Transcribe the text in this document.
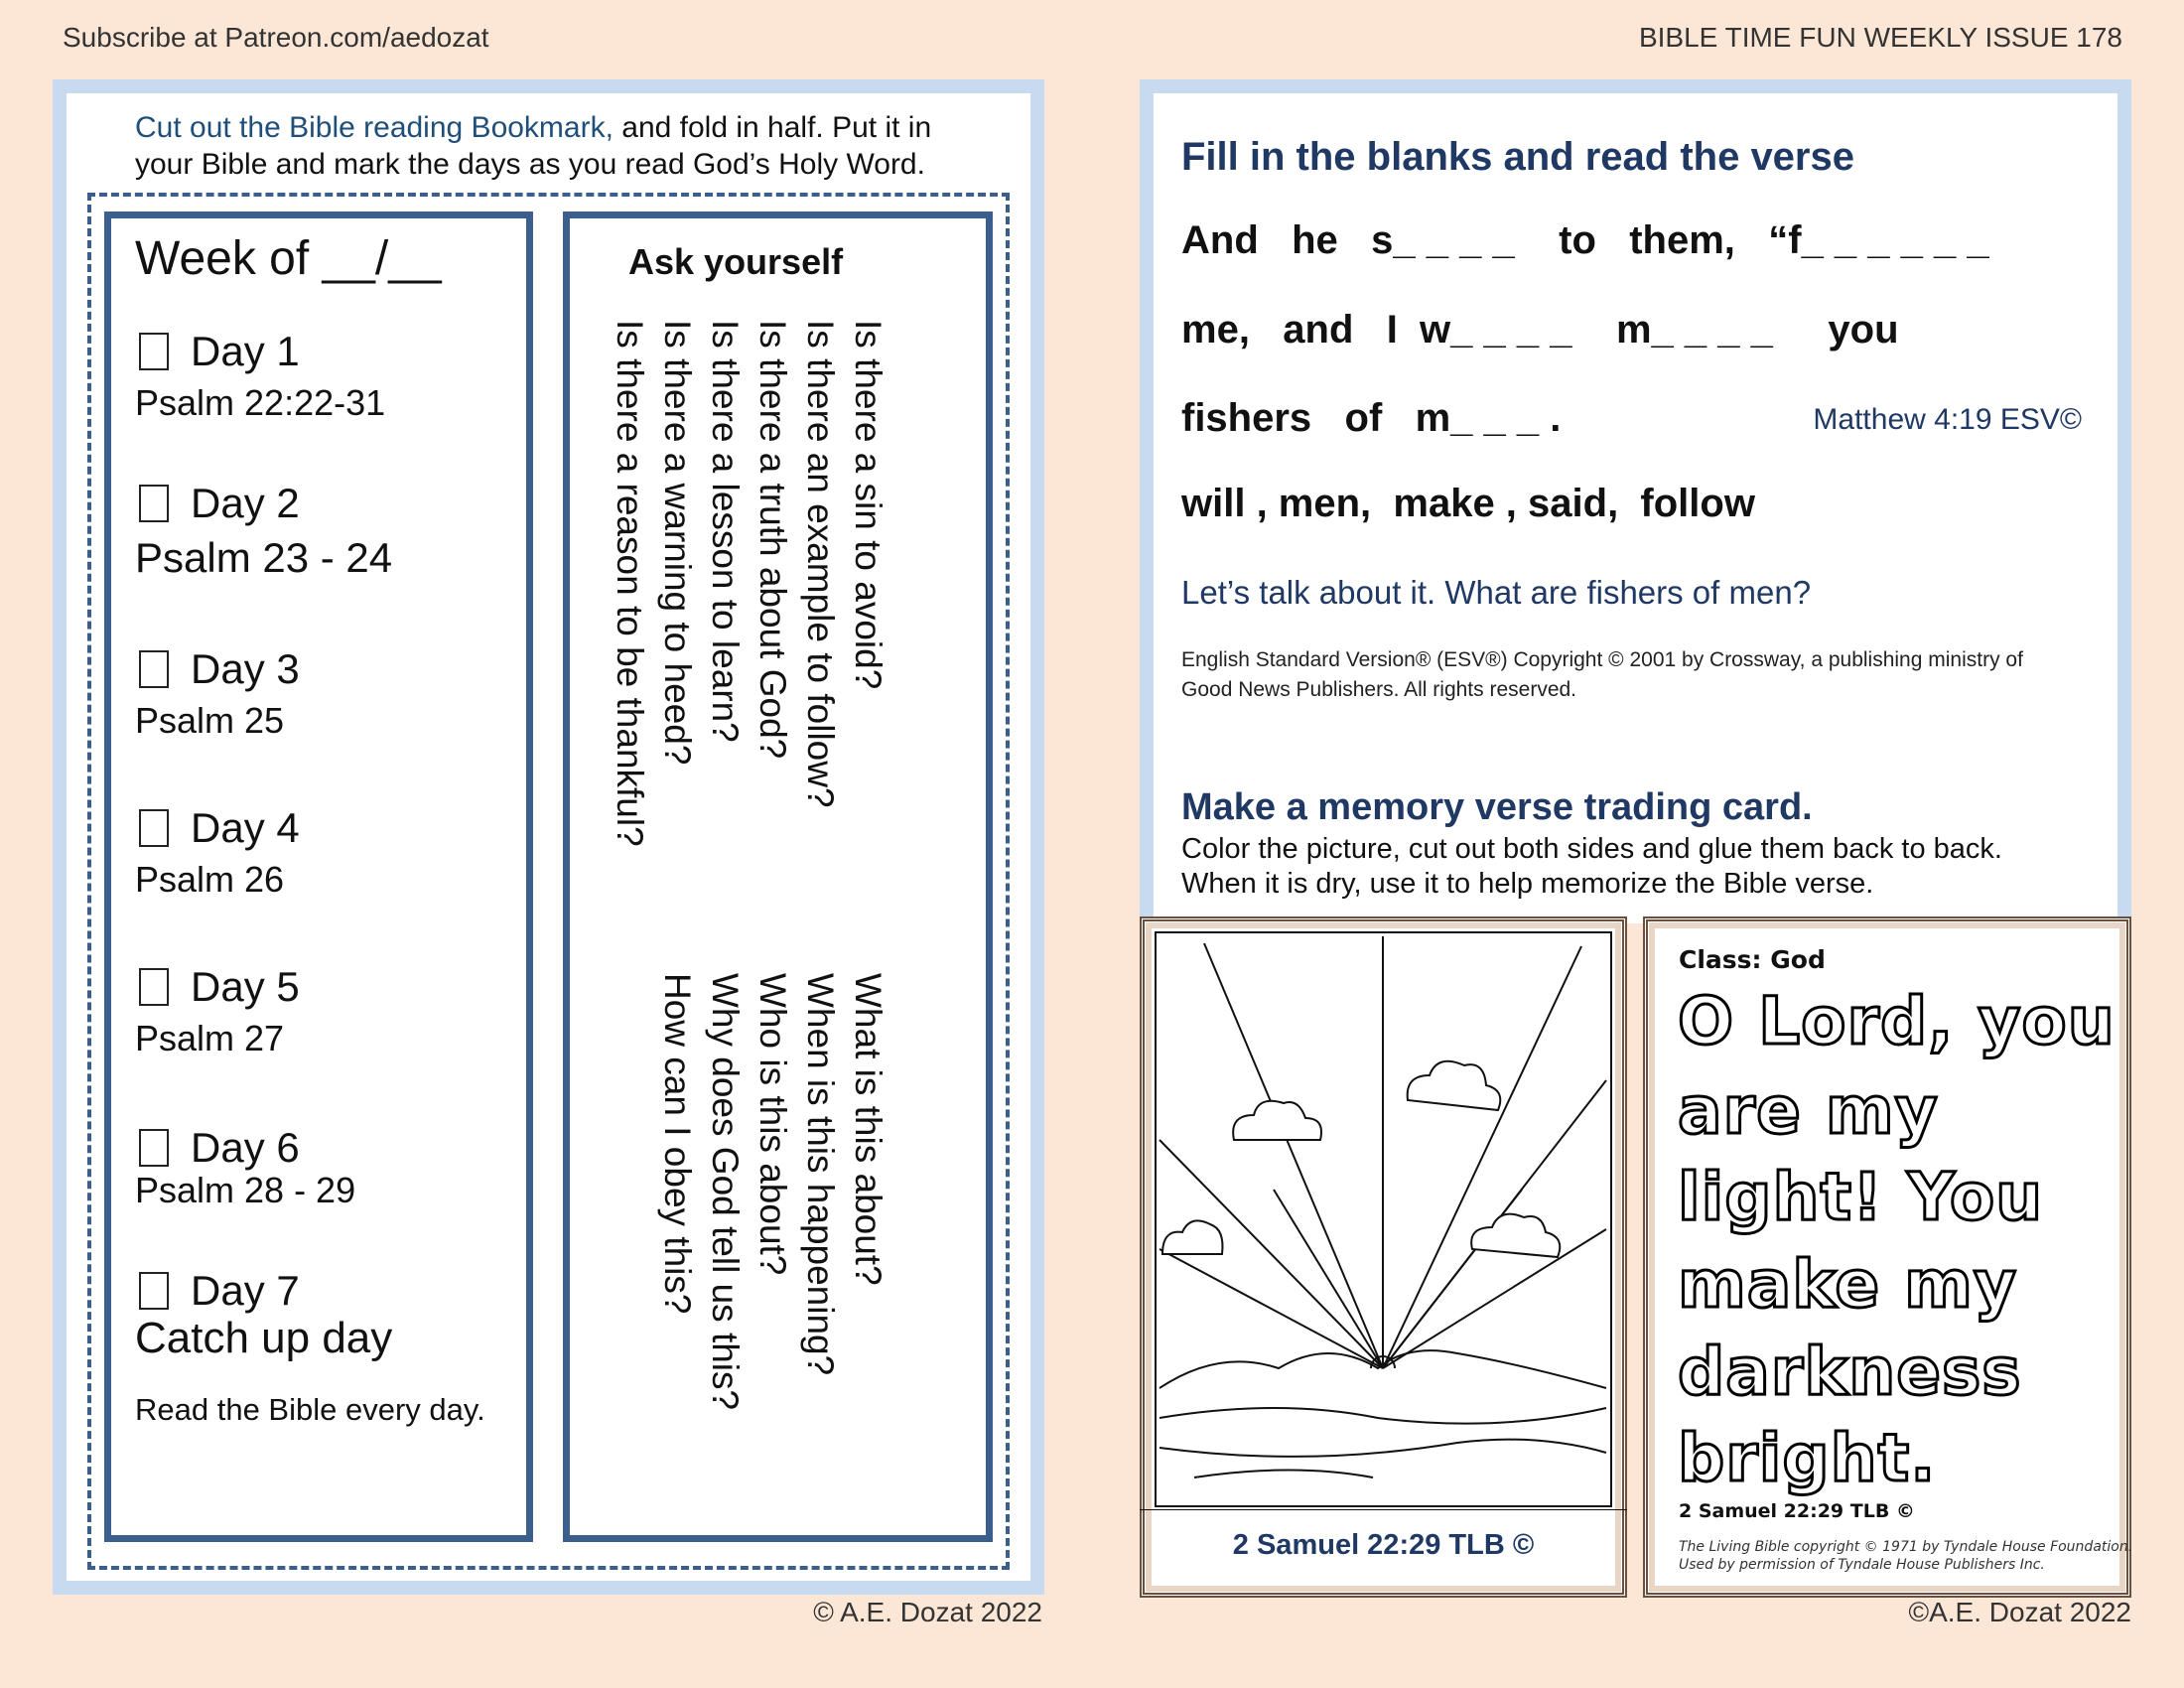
Subscribe at Patreon.com/aedozat	BIBLE TIME FUN WEEKLY ISSUE 178
Cut out the Bible reading Bookmark, and fold in half. Put it in
your Bible and mark the days as you read God’s Holy Word.
Week of __/__
Day 1
Psalm 22:22-31
Day 2
Psalm 23 - 24
Day 3
Psalm 25
Day 4
Psalm 26
Day 5
Psalm 27
Day 6
Psalm 28 - 29
Day 7
Catch up day
Read the Bible every day.
Ask yourself
Is there a sin to avoid?
Is there an example to follow?
Is there a truth about God?
Is there a lesson to learn?
Is there a warning to heed?
Is there a reason to be thankful?
What is this about?
When is this happening?
Who is this about?
Why does God tell us this?
How can I obey this?
© A.E. Dozat 2022
Fill in the blanks and read the verse
And   he   s_ _ _ _    to   them,   “f_ _ _ _ _ _
me,   and   I  w_ _ _ _    m_ _ _ _     you
fishers   of   m_ _ _ .	Matthew 4:19 ESV©
will , men,  make , said,  follow
Let’s talk about it. What are fishers of men?
English Standard Version® (ESV®) Copyright © 2001 by Crossway, a publishing ministry of
Good News Publishers. All rights reserved.
Make a memory verse trading card.
Color the picture, cut out both sides and glue them back to back.
When it is dry, use it to help memorize the Bible verse.
2 Samuel 22:29 TLB ©
Class: God
O Lord, you
are my
light! You
make my
darkness
bright.
2 Samuel 22:29 TLB ©
The Living Bible copyright © 1971 by Tyndale House Foundation.
Used by permission of Tyndale House Publishers Inc.
©A.E. Dozat 2022
